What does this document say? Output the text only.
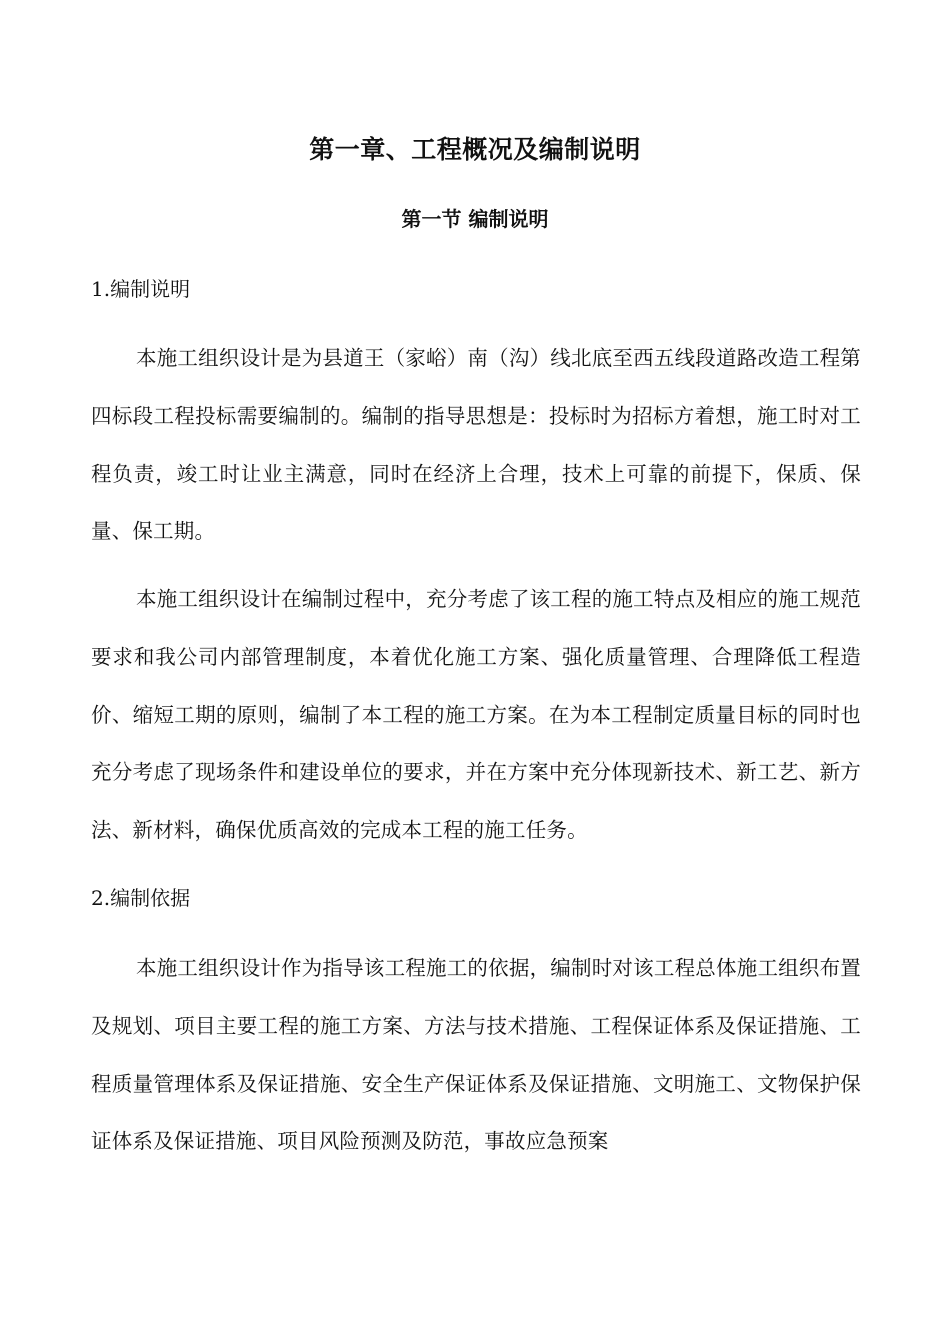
第一章、工程概况及编制说明
第一节 编制说明
1.编制说明
本施工组织设计是为县道王（家峪）南（沟）线北底至西五线段道路改造工程第四标段工程投标需要编制的。编制的指导思想是：投标时为招标方着想，施工时对工程负责，竣工时让业主满意，同时在经济上合理，技术上可靠的前提下，保质、保量、保工期。
本施工组织设计在编制过程中，充分考虑了该工程的施工特点及相应的施工规范要求和我公司内部管理制度，本着优化施工方案、强化质量管理、合理降低工程造价、缩短工期的原则，编制了本工程的施工方案。在为本工程制定质量目标的同时也充分考虑了现场条件和建设单位的要求，并在方案中充分体现新技术、新工艺、新方法、新材料，确保优质高效的完成本工程的施工任务。
2.编制依据
本施工组织设计作为指导该工程施工的依据，编制时对该工程总体施工组织布置及规划、项目主要工程的施工方案、方法与技术措施、工程保证体系及保证措施、工程质量管理体系及保证措施、安全生产保证体系及保证措施、文明施工、文物保护保证体系及保证措施、项目风险预测及防范，事故应急预案
